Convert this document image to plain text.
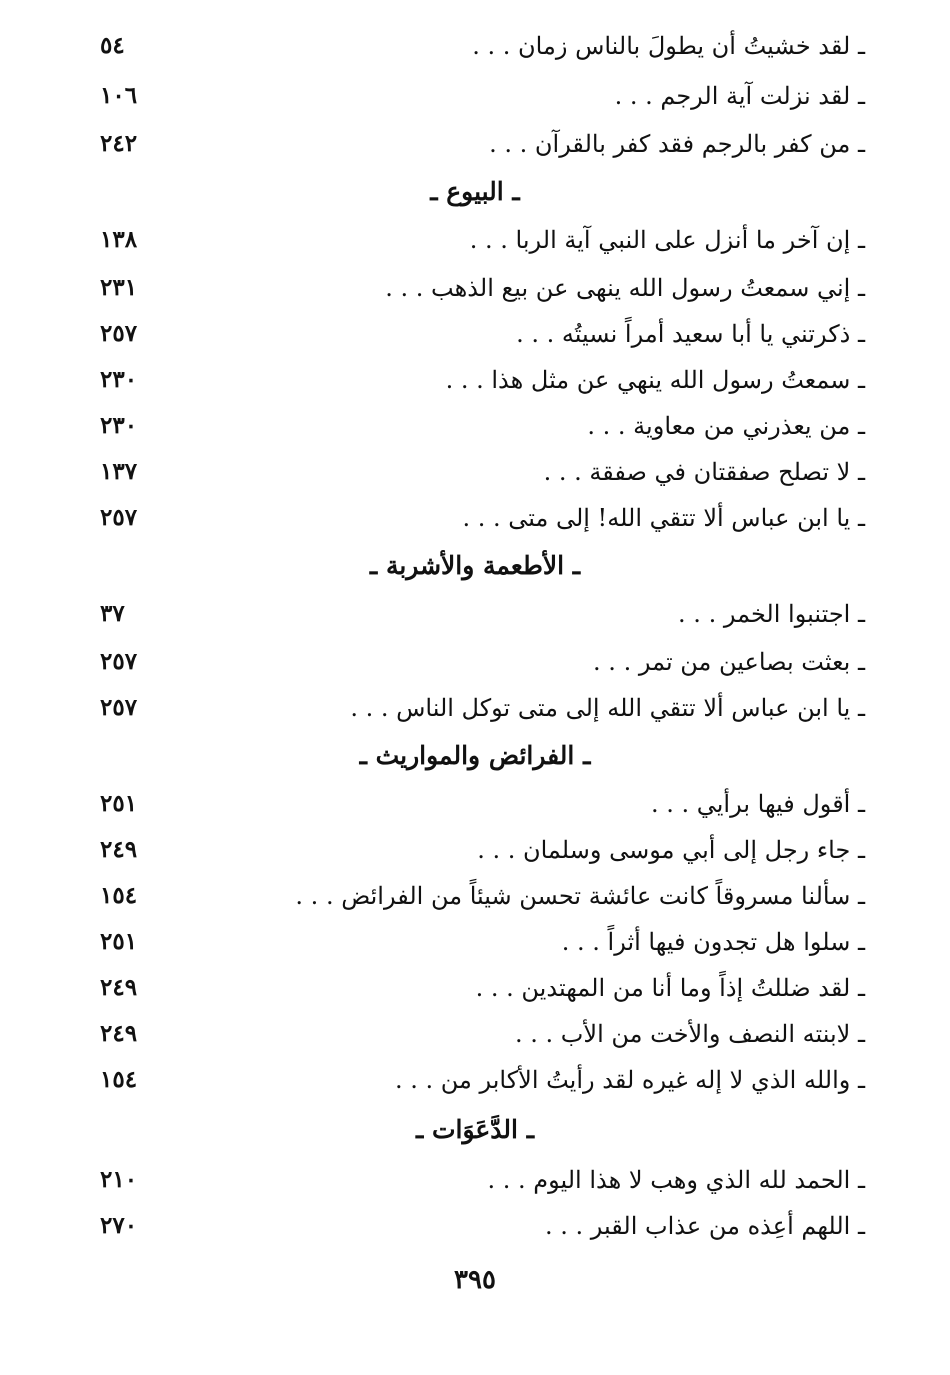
ـ لقد خشيتُ أن يطولَ بالناس زمان . . .
٥٤
ـ لقد نزلت آية الرجم . . .
١٠٦
ـ من كفر بالرجم فقد كفر بالقرآن . . .
٢٤٢
ـ البيوع ـ
ـ إن آخر ما أنزل على النبي آية الربا . . .
١٣٨
ـ إني سمعتُ رسول الله ينهى عن بيع الذهب . . .
٢٣١
ـ ذكرتني يا أبا سعيد أمراً نسيتُه . . .
٢٥٧
ـ سمعتُ رسول الله ينهي عن مثل هذا . . .
٢٣٠
ـ من يعذرني من معاوية . . .
٢٣٠
ـ لا تصلح صفقتان في صفقة . . .
١٣٧
ـ يا ابن عباس ألا تتقي الله! إلى متى . . .
٢٥٧
ـ الأطعمة والأشربة ـ
ـ اجتنبوا الخمر . . .
٣٧
ـ بعثت بصاعين من تمر . . .
٢٥٧
ـ يا ابن عباس ألا تتقي الله إلى متى توكل الناس . . .
٢٥٧
ـ الفرائض والمواريث ـ
ـ أقول فيها برأيي . . .
٢٥١
ـ جاء رجل إلى أبي موسى وسلمان . . .
٢٤٩
ـ سألنا مسروقاً كانت عائشة تحسن شيئاً من الفرائض . . .
١٥٤
ـ سلوا هل تجدون فيها أثراً . . .
٢٥١
ـ لقد ضللتُ إذاً وما أنا من المهتدين . . .
٢٤٩
ـ لابنته النصف والأخت من الأب . . .
٢٤٩
ـ والله الذي لا إله غيره لقد رأيتُ الأكابر من . . .
١٥٤
ـ الدَّعَوَات ـ
ـ الحمد لله الذي وهب لا هذا اليوم . . .
٢١٠
ـ اللهم أعِذه من عذاب القبر . . .
٢٧٠
٣٩٥
